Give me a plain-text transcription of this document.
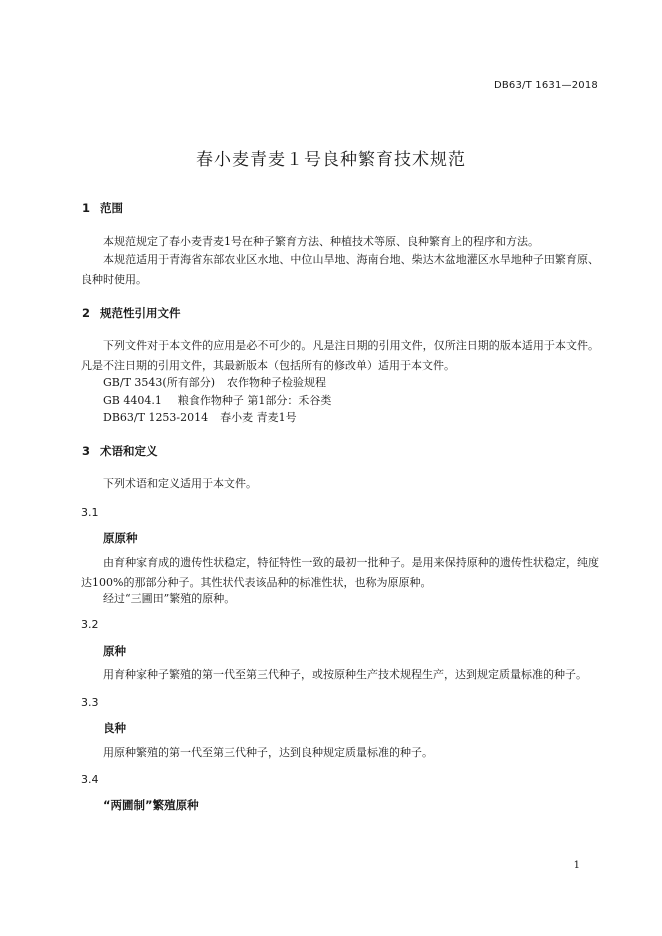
DB63/T 1631—2018
春小麦青麦１号良种繁育技术规范
1 范围
本规范规定了春小麦青麦1号在种子繁育方法、种植技术等原、良种繁育上的程序和方法。
本规范适用于青海省东部农业区水地、中位山旱地、海南台地、柴达木盆地灌区水旱地种子田繁育原、良种时使用。
2 规范性引用文件
下列文件对于本文件的应用是必不可少的。凡是注日期的引用文件，仅所注日期的版本适用于本文件。凡是不注日期的引用文件，其最新版本（包括所有的修改单）适用于本文件。
GB/T 3543(所有部分) 农作物种子检验规程
GB 4404.1 粮食作物种子 第1部分：禾谷类
DB63/T 1253-2014 春小麦 青麦1号
3 术语和定义
下列术语和定义适用于本文件。
3.1
原原种
由育种家育成的遗传性状稳定，特征特性一致的最初一批种子。是用来保持原种的遗传性状稳定，纯度达100%的那部分种子。其性状代表该品种的标准性状，也称为原原种。
经过“三圃田”繁殖的原种。
3.2
原种
用育种家种子繁殖的第一代至第三代种子，或按原种生产技术规程生产，达到规定质量标准的种子。
3.3
良种
用原种繁殖的第一代至第三代种子，达到良种规定质量标准的种子。
3.4
“两圃制”繁殖原种
1
